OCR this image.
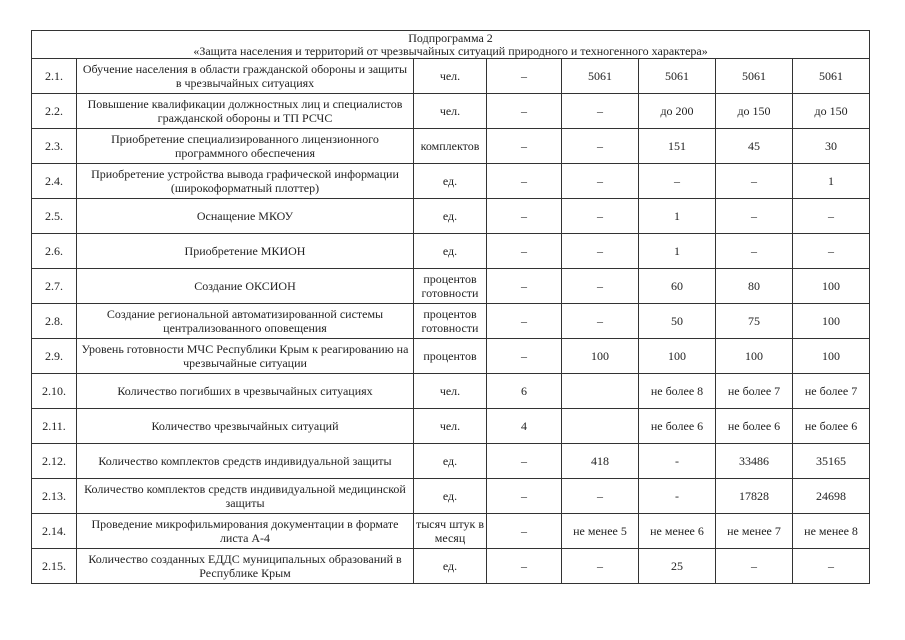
Подпрограмма 2
«Защита населения и территорий от чрезвычайных ситуаций природного и техногенного характера»							

2.1.	Обучение населения в области гражданской обороны и защиты в чрезвычайных ситуациях	чел.		–	5061	5061	5061	5061
2.2.	Повышение квалификации должностных лиц и специалистов гражданской обороны и ТП РСЧС	чел.		–	–	до 200	до 150	до 150
2.3.	Приобретение специализированного лицензионного программного обеспечения	комплектов		–	–	151	45	30
2.4.	Приобретение устройства вывода графической информации (широкоформатный плоттер)	ед.		–	–	–	–	1
2.5.	Оснащение МКОУ	ед.		–	–	1	–	–
2.6.	Приобретение МКИОН	ед.		–	–	1	–	–
2.7.	Создание ОКСИОН	процентов готовности		–	–	60	80	100
2.8.	Создание региональной автоматизированной системы централизованного оповещения	процентов готовности		–	–	50	75	100
2.9.	Уровень готовности МЧС Республики Крым к реагированию на чрезвычайные ситуации	процентов		–	100	100	100	100
2.10.	Количество погибших в чрезвычайных ситуациях	чел.		6		не более 8	не более 7	не более 7
2.11.	Количество чрезвычайных ситуаций	чел.		4		не более 6	не более 6	не более 6
2.12.	Количество комплектов средств индивидуальной защиты	ед.		–	418	-	33486	35165
2.13.	Количество комплектов средств индивидуальной медицинской защиты	ед.		–	–	-	17828	24698
2.14.	Проведение микрофильмирования документации в формате листа А-4	тысяч штук в месяц		–	не менее 5	не менее 6	не менее 7	не менее 8
2.15.	Количество созданных ЕДДС муниципальных образований в Республике Крым	ед.		–	–	25	–	–
